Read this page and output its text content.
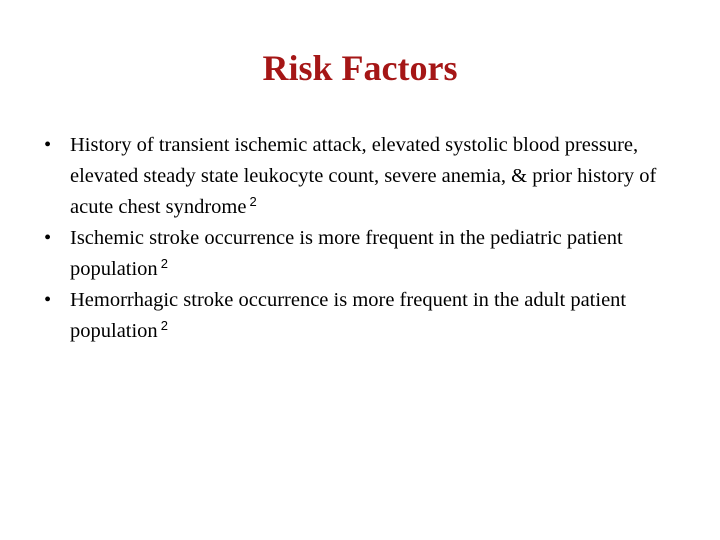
Risk Factors
• History of transient ischemic attack, elevated systolic blood pressure, elevated steady state leukocyte count, severe anemia, & prior history of acute chest syndrome $^2$
• Ischemic stroke occurrence is more frequent in the pediatric patient population $^2$
• Hemorrhagic stroke occurrence is more frequent in the adult patient population $^2$
